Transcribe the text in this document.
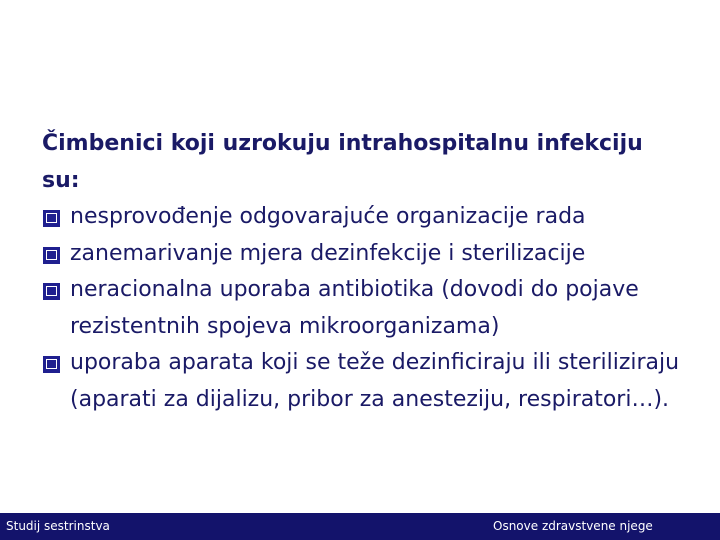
Čimbenici koji uzrokuju intrahospitalnu infekciju su:

nesprovođenje odgovarajuće organizacije rada
zanemarivanje mjera dezinfekcije i sterilizacije
neracionalna uporaba antibiotika (dovodi do pojave rezistentnih spojeva mikroorganizama)
uporaba aparata koji se teže dezinficiraju ili steriliziraju (aparati za dijalizu, pribor za anesteziju, respiratori…).
Studij sestrinstva	Osnove zdravstvene njege
